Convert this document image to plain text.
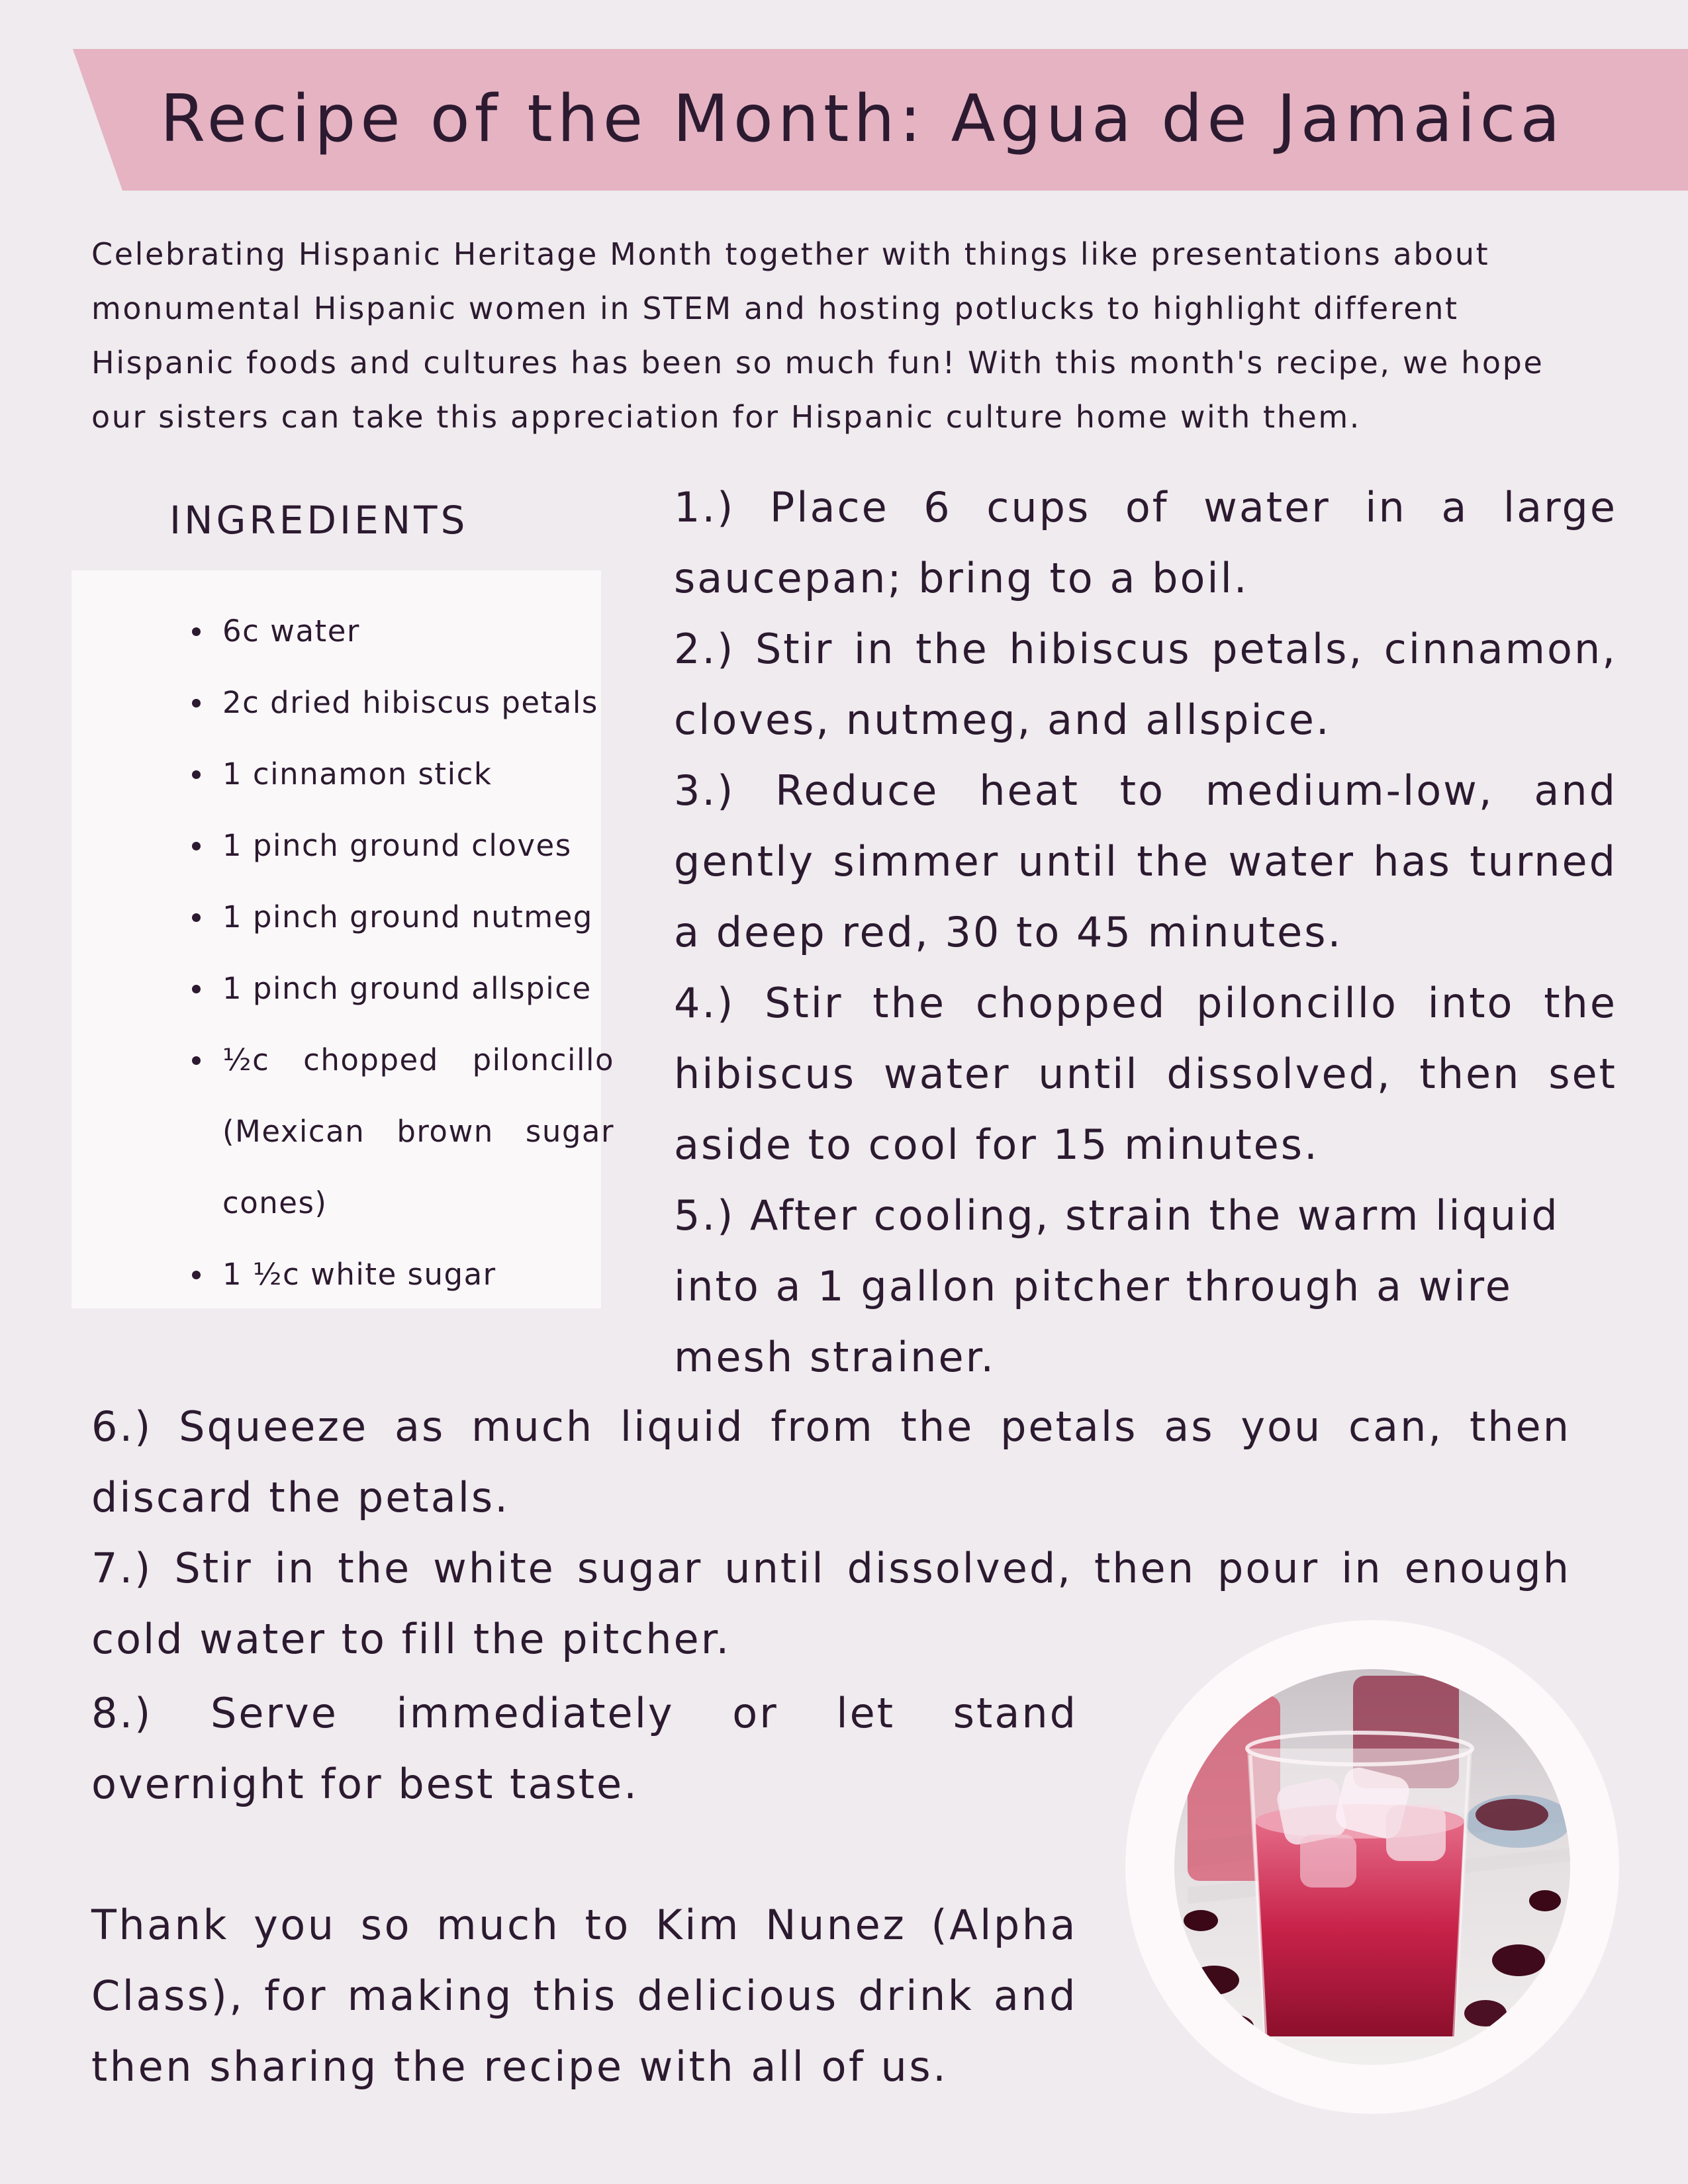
Recipe of the Month: Agua de Jamaica
Celebrating Hispanic Heritage Month together with things like presentations about monumental Hispanic women in STEM and hosting potlucks to highlight different Hispanic foods and cultures has been so much fun! With this month's recipe, we hope our sisters can take this appreciation for Hispanic culture home with them.
INGREDIENTS
6c water
2c dried hibiscus petals
1 cinnamon stick
1 pinch ground cloves
1 pinch ground nutmeg
1 pinch ground allspice
½c chopped piloncillo (Mexican brown sugar cones)
1 ½c white sugar

1.) Place 6 cups of water in a large saucepan; bring to a boil.

2.) Stir in the hibiscus petals, cinnamon, cloves, nutmeg, and allspice.

3.) Reduce heat to medium-low, and gently simmer until the water has turned a deep red, 30 to 45 minutes.

4.) Stir the chopped piloncillo into the hibiscus water until dissolved, then set aside to cool for 15 minutes.

5.) After cooling, strain the warm liquid into a 1 gallon pitcher through a wire mesh strainer.

6.) Squeeze as much liquid from the petals as you can, then discard the petals.

7.) Stir in the white sugar until dissolved, then pour in enough cold water to fill the pitcher.

8.) Serve immediately or let stand overnight for best taste.

Thank you so much to Kim Nunez (Alpha Class), for making this delicious drink and then sharing the recipe with all of us.
